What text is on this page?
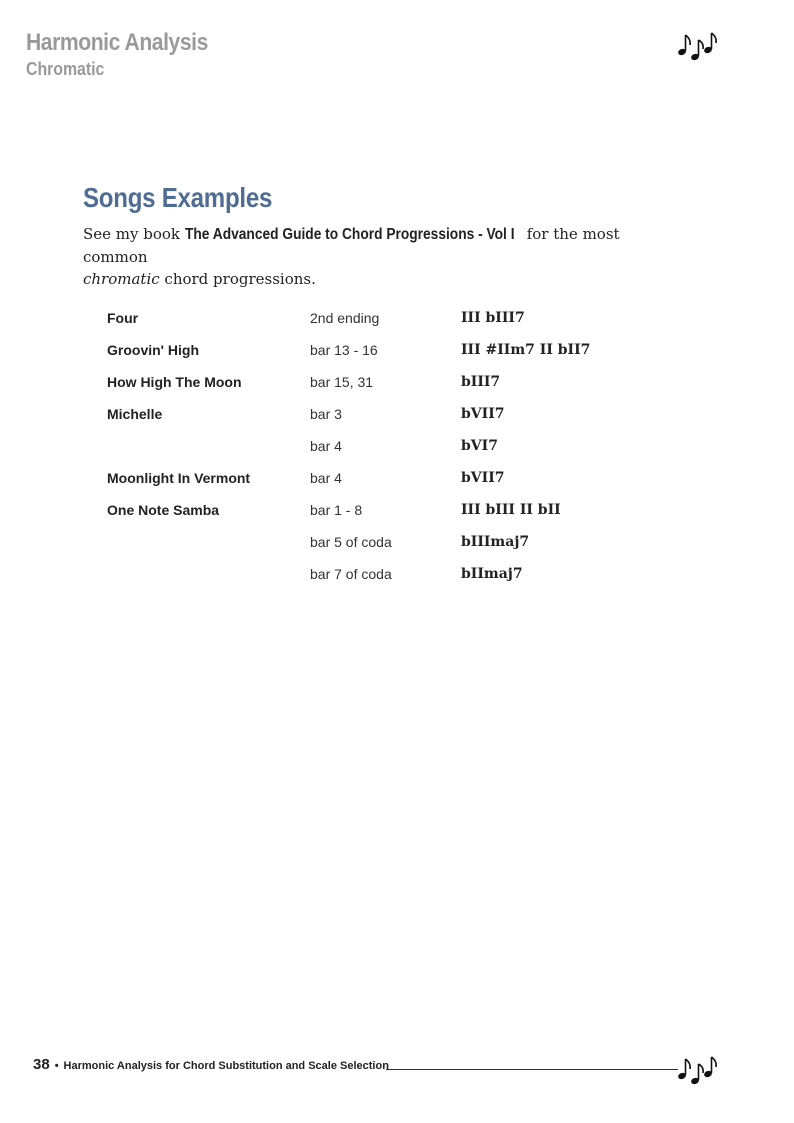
Harmonic Analysis
Chromatic
Songs Examples
See my book The Advanced Guide to Chord Progressions - Vol I for the most common
chromatic chord progressions.
Four	2nd ending	III bIII7
Groovin' High	bar 13 - 16	III #IIm7 II bII7
How High The Moon	bar 15, 31	bIII7
Michelle	bar 3	bVII7
	bar 4	bVI7
Moonlight In Vermont	bar 4	bVII7
One Note Samba	bar 1 - 8	III bIII II bII
	bar 5 of coda	bIIImaj7
	bar 7 of coda	bIImaj7
38 • Harmonic Analysis for Chord Substitution and Scale Selection
